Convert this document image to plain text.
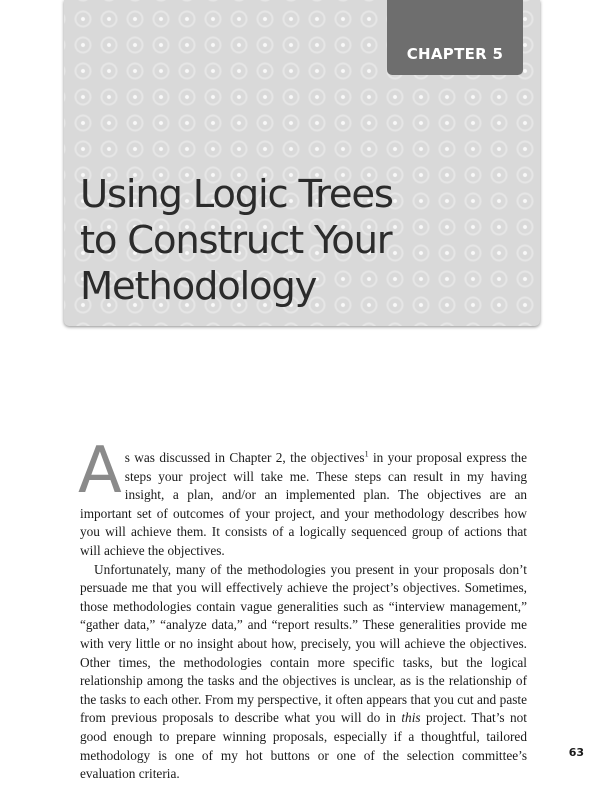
CHAPTER 5
Using Logic Trees
to Construct Your
Methodology

As was discussed in Chapter 2, the objectives$^1$ in your proposal express the steps your project will take me. These steps can result in my having insight, a plan, and/or an implemented plan. The objectives are an important set of outcomes of your project, and your methodology describes how you will achieve them. It consists of a logically sequenced group of actions that will achieve the objectives.

Unfortunately, many of the methodologies you present in your proposals don’t persuade me that you will effectively achieve the project’s objectives. Sometimes, those methodologies contain vague generalities such as “interview management,” “gather data,” “analyze data,” and “report results.” These generalities provide me with very little or no insight about how, precisely, you will achieve the objectives. Other times, the methodologies contain more specific tasks, but the logical relationship among the tasks and the objectives is unclear, as is the relationship of the tasks to each other. From my perspective, it often appears that you cut and paste from previous proposals to describe what you will do in this project. That’s not good enough to prepare winning proposals, especially if a thoughtful, tailored methodology is one of my hot buttons or one of the selection committee’s evaluation criteria.

63
